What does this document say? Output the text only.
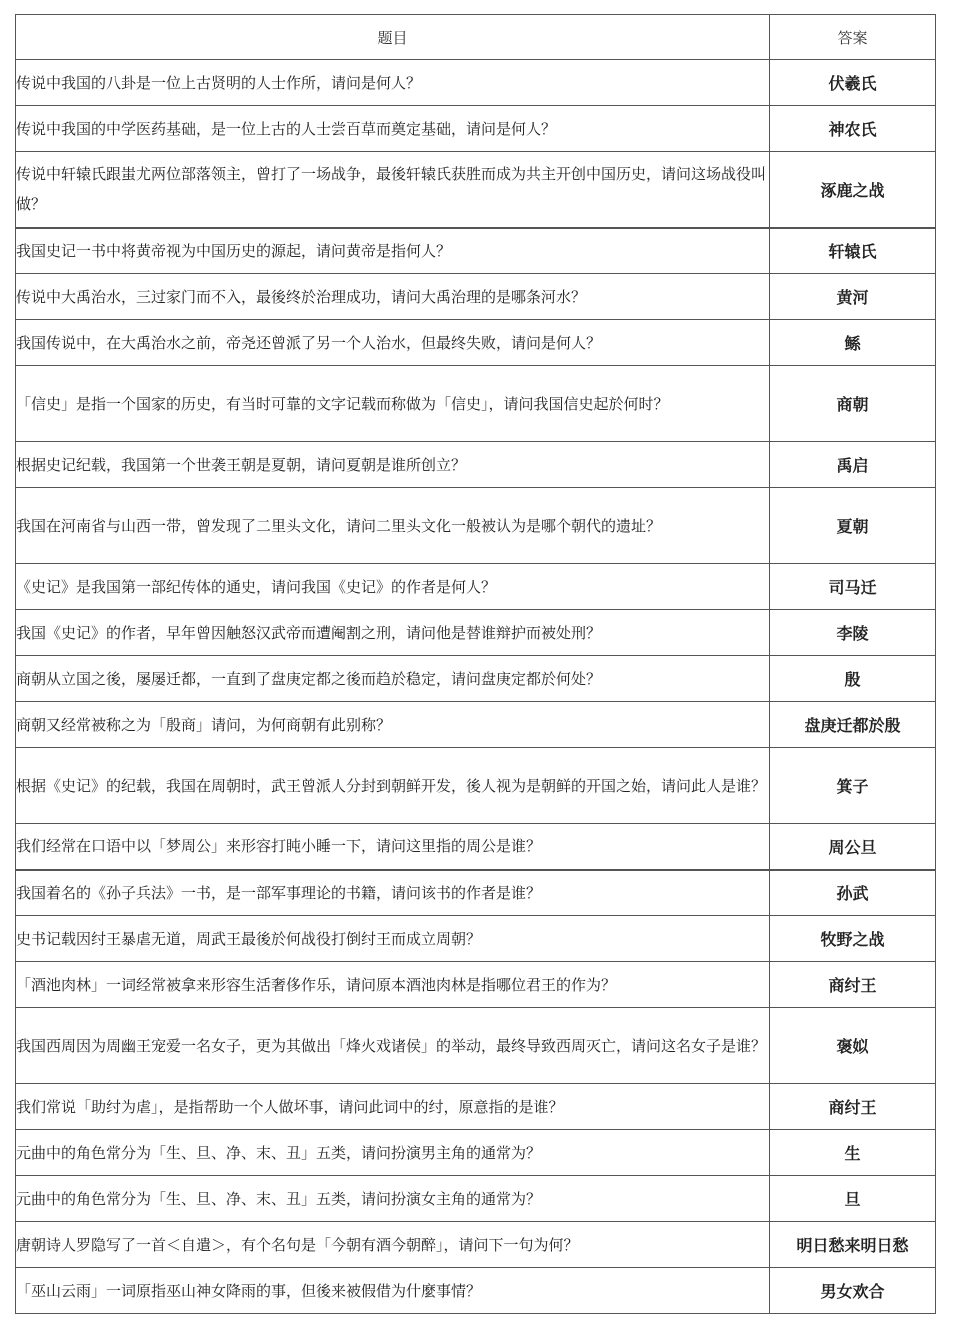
题目	答案
传说中我国的八卦是一位上古贤明的人士作所，请问是何人？	伏羲氏
传说中我国的中学医药基础，是一位上古的人士尝百草而奠定基础，请问是何人？	神农氏
传说中轩辕氏跟蚩尤两位部落领主，曾打了一场战争，最後轩辕氏获胜而成为共主开创中国历史，请问这场战役叫做？	涿鹿之战
我国史记一书中将黄帝视为中国历史的源起，请问黄帝是指何人？	轩辕氏
传说中大禹治水，三过家门而不入，最後终於治理成功，请问大禹治理的是哪条河水？	黄河
我国传说中，在大禹治水之前，帝尧还曾派了另一个人治水，但最终失败，请问是何人？	鲧
「信史」是指一个国家的历史，有当时可靠的文字记载而称做为「信史」，请问我国信史起於何时？	商朝
根据史记纪载，我国第一个世袭王朝是夏朝，请问夏朝是谁所创立？	禹启
我国在河南省与山西一带，曾发现了二里头文化，请问二里头文化一般被认为是哪个朝代的遗址？	夏朝
《史记》是我国第一部纪传体的通史，请问我国《史记》的作者是何人？	司马迁
我国《史记》的作者，早年曾因触怒汉武帝而遭阉割之刑，请问他是替谁辩护而被处刑？	李陵
商朝从立国之後，屡屡迁都，一直到了盘庚定都之後而趋於稳定，请问盘庚定都於何处？	殷
商朝又经常被称之为「殷商」请问，为何商朝有此别称？	盘庚迁都於殷
根据《史记》的纪载，我国在周朝时，武王曾派人分封到朝鲜开发，後人视为是朝鲜的开国之始，请问此人是谁？	箕子
我们经常在口语中以「梦周公」来形容打盹小睡一下，请问这里指的周公是谁？	周公旦
我国着名的《孙子兵法》一书，是一部军事理论的书籍，请问该书的作者是谁？	孙武
史书记载因纣王暴虐无道，周武王最後於何战役打倒纣王而成立周朝？	牧野之战
「酒池肉林」一词经常被拿来形容生活奢侈作乐，请问原本酒池肉林是指哪位君王的作为？	商纣王
我国西周因为周幽王宠爱一名女子，更为其做出「烽火戏诸侯」的举动，最终导致西周灭亡，请问这名女子是谁？	褒姒
我们常说「助纣为虐」，是指帮助一个人做坏事，请问此词中的纣，原意指的是谁？	商纣王
元曲中的角色常分为「生、旦、净、末、丑」五类，请问扮演男主角的通常为？	生
元曲中的角色常分为「生、旦、净、末、丑」五类，请问扮演女主角的通常为？	旦
唐朝诗人罗隐写了一首＜自遣＞，有个名句是「今朝有酒今朝醉」，请问下一句为何？	明日愁来明日愁
「巫山云雨」一词原指巫山神女降雨的事，但後来被假借为什麼事情？	男女欢合
